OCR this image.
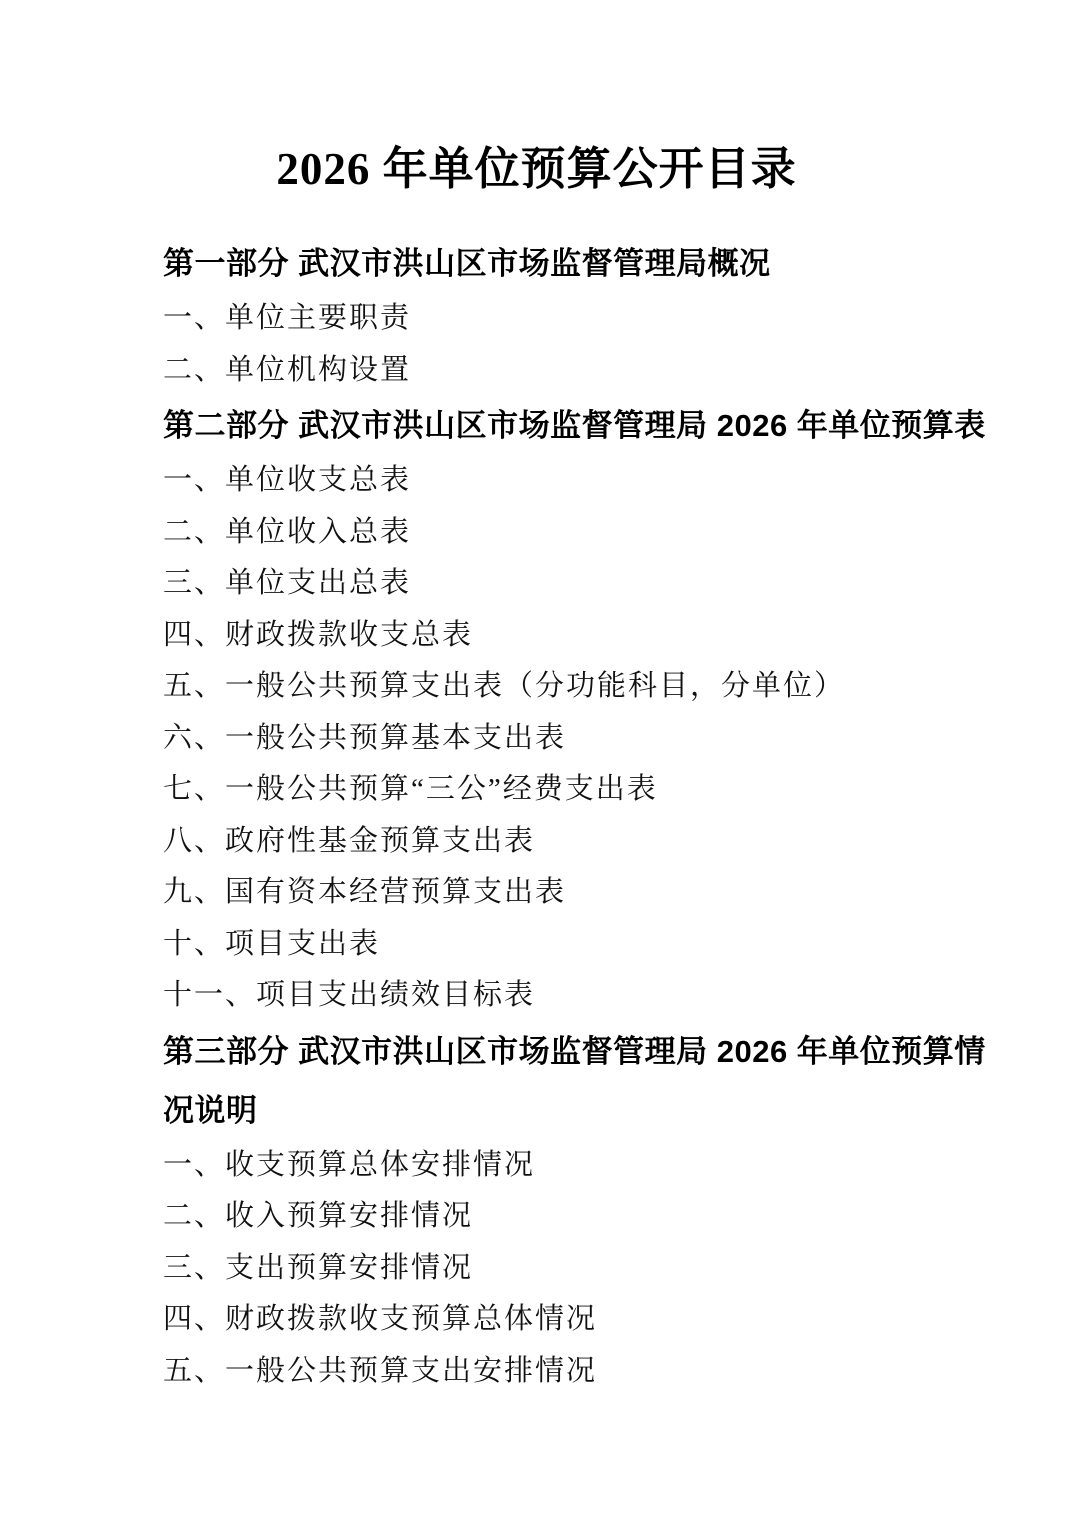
2026 年单位预算公开目录
第一部分 武汉市洪山区市场监督管理局概况

一、单位主要职责

二、单位机构设置

第二部分 武汉市洪山区市场监督管理局 2026 年单位预算表

一、单位收支总表

二、单位收入总表

三、单位支出总表

四、财政拨款收支总表

五、一般公共预算支出表（分功能科目，分单位）

六、一般公共预算基本支出表

七、一般公共预算“三公”经费支出表

八、政府性基金预算支出表

九、国有资本经营预算支出表

十、项目支出表

十一、项目支出绩效目标表

第三部分 武汉市洪山区市场监督管理局 2026 年单位预算情
况说明

一、收支预算总体安排情况

二、收入预算安排情况

三、支出预算安排情况

四、财政拨款收支预算总体情况

五、一般公共预算支出安排情况
